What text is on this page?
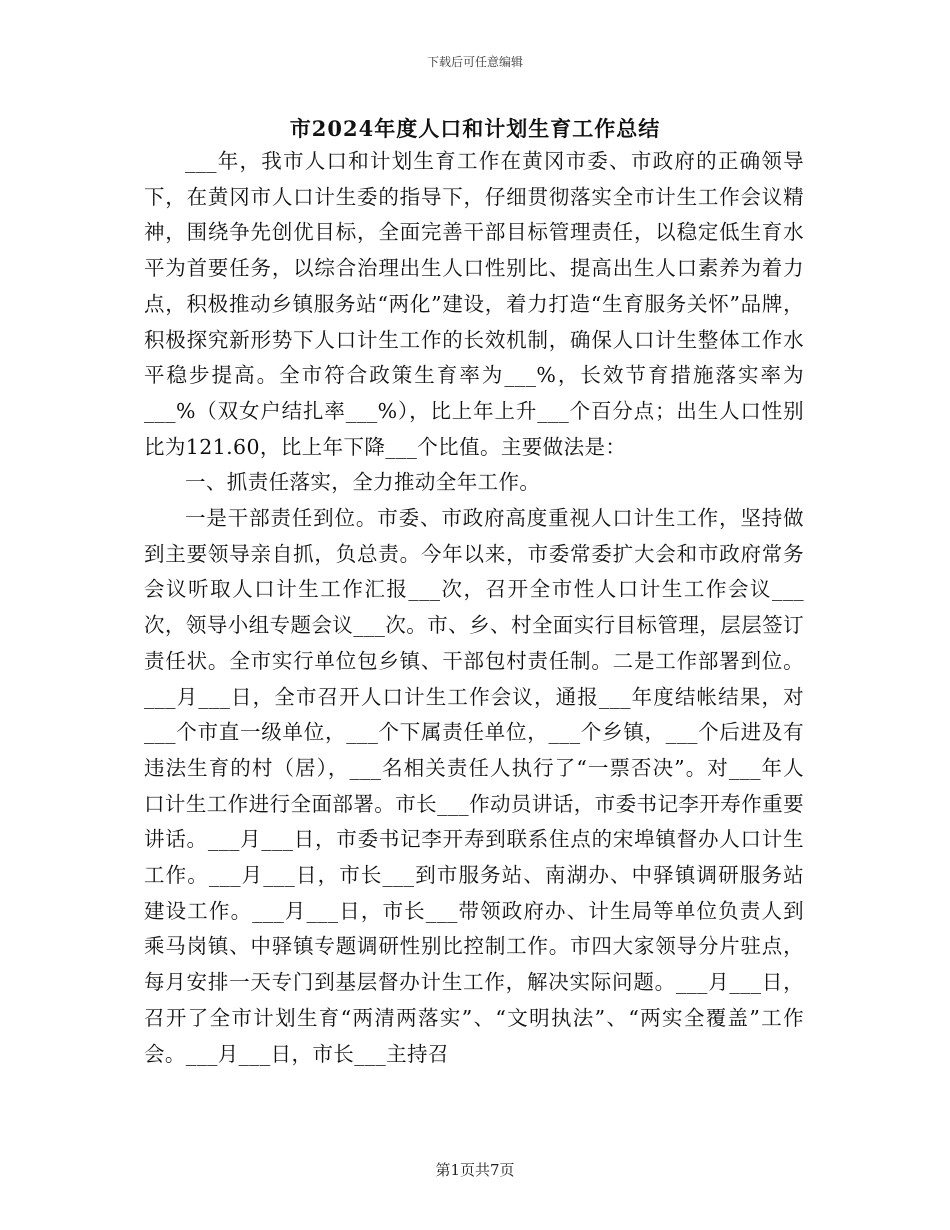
下载后可任意编辑
市2024年度人口和计划生育工作总结

___年，我市人口和计划生育工作在黄冈市委、市政府的正确领导下，在黄冈市人口计生委的指导下，仔细贯彻落实全市计生工作会议精神，围绕争先创优目标，全面完善干部目标管理责任，以稳定低生育水平为首要任务，以综合治理出生人口性别比、提高出生人口素养为着力点，积极推动乡镇服务站“两化”建设，着力打造“生育服务关怀”品牌，积极探究新形势下人口计生工作的长效机制，确保人口计生整体工作水平稳步提高。全市符合政策生育率为___%，长效节育措施落实率为___%（双女户结扎率___%），比上年上升___个百分点；出生人口性别比为121.60，比上年下降___个比值。主要做法是：

一、抓责任落实，全力推动全年工作。

一是干部责任到位。市委、市政府高度重视人口计生工作，坚持做到主要领导亲自抓，负总责。今年以来，市委常委扩大会和市政府常务会议听取人口计生工作汇报___次，召开全市性人口计生工作会议___次，领导小组专题会议___次。市、乡、村全面实行目标管理，层层签订责任状。全市实行单位包乡镇、干部包村责任制。二是工作部署到位。___月___日，全市召开人口计生工作会议，通报___年度结帐结果，对___个市直一级单位，___个下属责任单位，___个乡镇，___个后进及有违法生育的村（居），___名相关责任人执行了“一票否决”。对___年人口计生工作进行全面部署。市长___作动员讲话，市委书记李开寿作重要讲话。___月___日，市委书记李开寿到联系住点的宋埠镇督办人口计生工作。___月___日，市长___到市服务站、南湖办、中驿镇调研服务站建设工作。___月___日，市长___带领政府办、计生局等单位负责人到乘马岗镇、中驿镇专题调研性别比控制工作。市四大家领导分片驻点，每月安排一天专门到基层督办计生工作，解决实际问题。___月___日，召开了全市计划生育“两清两落实”、“文明执法”、“两实全覆盖”工作会。___月___日，市长___主持召

第1页共7页
